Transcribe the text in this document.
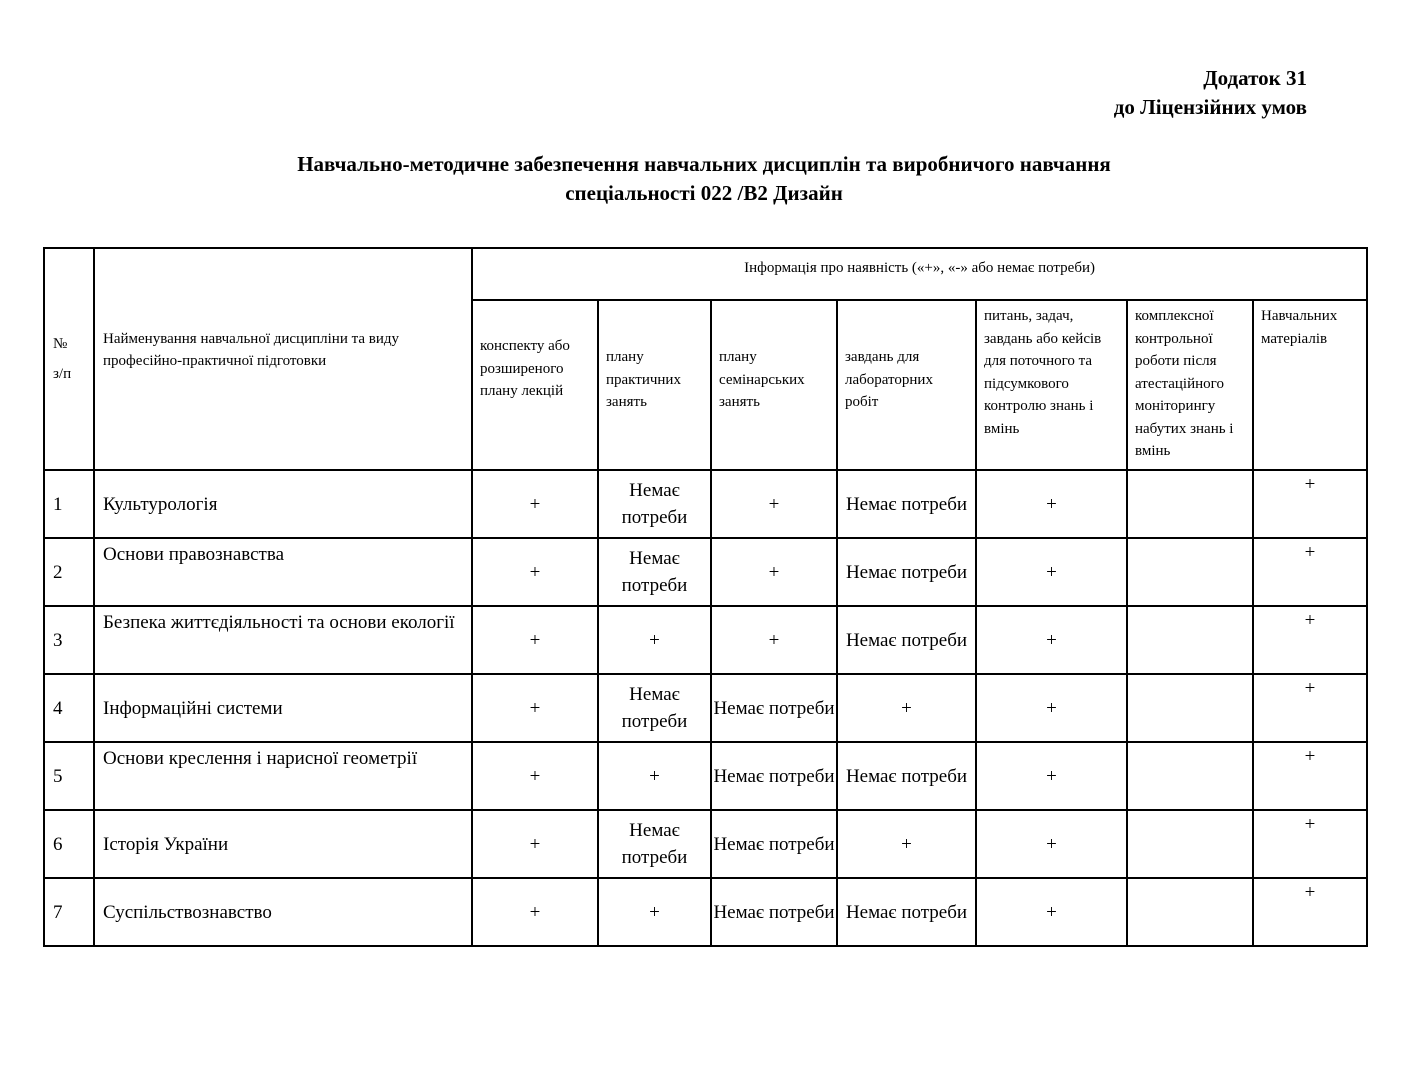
Додаток 31
до Ліцензійних умов
Навчально-методичне забезпечення навчальних дисциплін та виробничого навчання
спеціальності 022 /В2 Дизайн
№
з/п	Найменування навчальної дисципліни та виду професійно-практичної підготовки	Інформація про наявність («+», «-» або немає потреби)						
		конспекту або розширеного плану лекцій	плану практичних занять	плану семінарських занять	завдань для лабораторних робіт	питань, задач, завдань або кейсів для поточного та підсумкового контролю знань і вмінь	комплексної контрольної роботи після атестаційного моніторингу набутих знань і вмінь	Навчальних матеріалів
1	Культурологія	+	Немає потреби	+	Немає потреби	+		+
2	Основи правознавства	+	Немає потреби	+	Немає потреби	+		+
3	Безпека життєдіяльності та основи екології	+	+	+	Немає потреби	+		+
4	Інформаційні системи	+	Немає потреби	Немає потреби	+	+		+
5	Основи креслення і нарисної геометрії	+	+	Немає потреби	Немає потреби	+		+
6	Історія України	+	Немає потреби	Немає потреби	+	+		+
7	Суспільствознавство	+	+	Немає потреби	Немає потреби	+		+
